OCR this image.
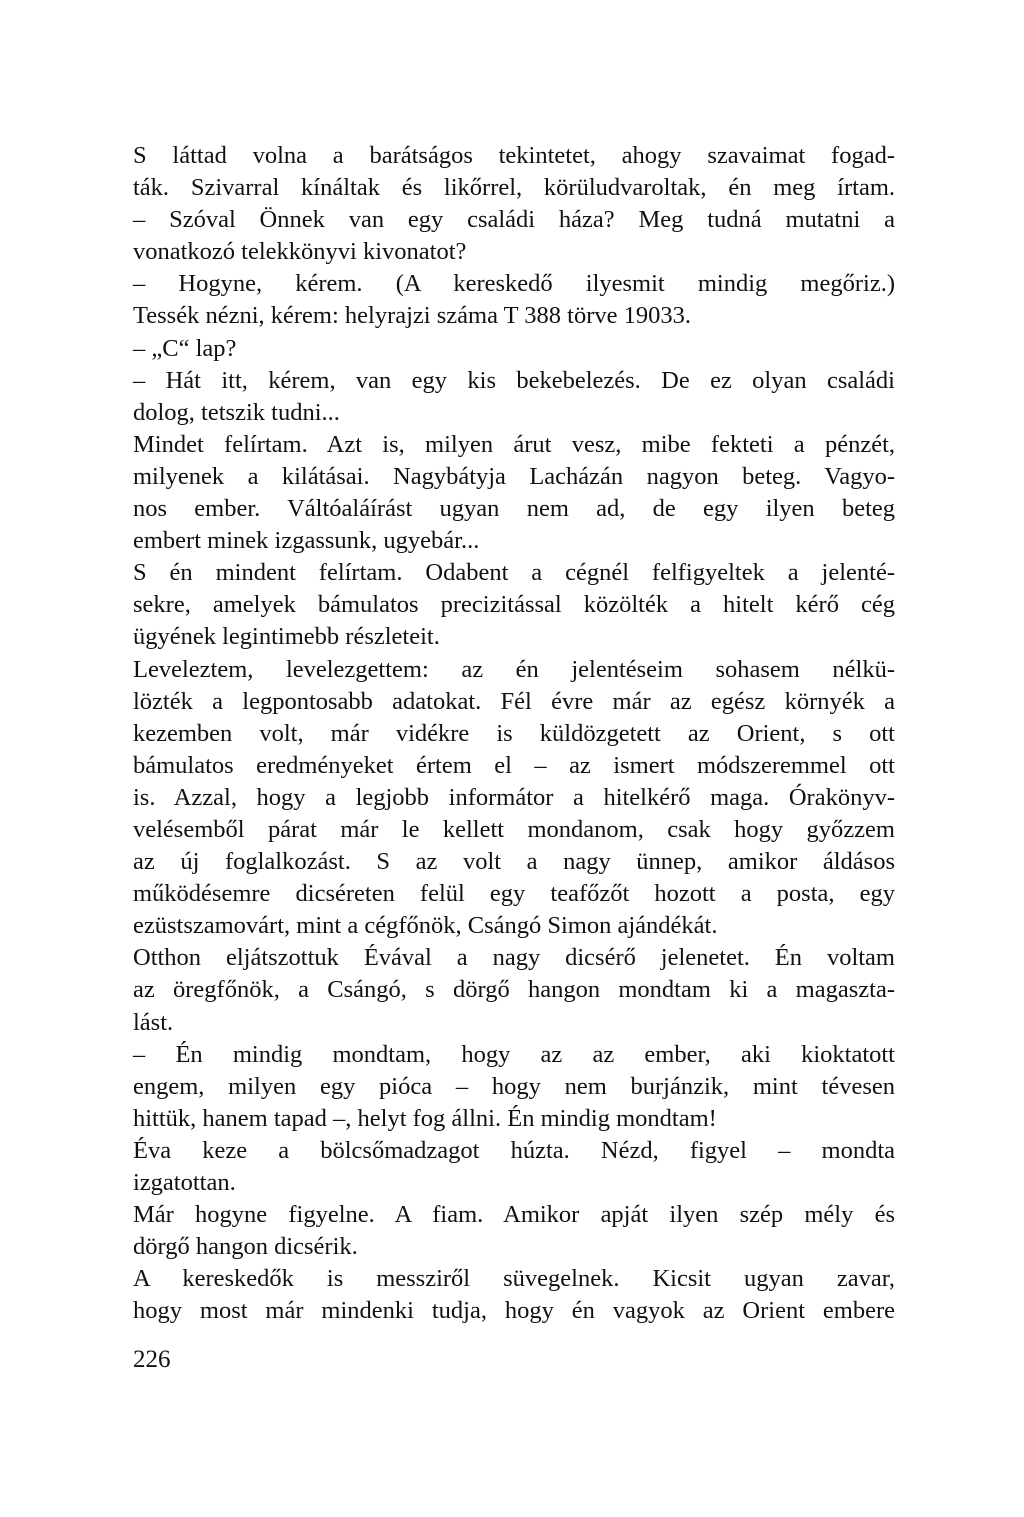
S láttad volna a barátságos tekintetet, ahogy szavaimat fogad-
ták. Szivarral kínáltak és likőrrel, körüludvaroltak, én meg írtam.
– Szóval Önnek van egy családi háza? Meg tudná mutatni a
vonatkozó telekkönyvi kivonatot?
– Hogyne, kérem. (A kereskedő ilyesmit mindig megőriz.)
Tessék nézni, kérem: helyrajzi száma T 388 törve 19033.
– „C“ lap?
– Hát itt, kérem, van egy kis bekebelezés. De ez olyan családi
dolog, tetszik tudni...
Mindet felírtam. Azt is, milyen árut vesz, mibe fekteti a pénzét,
milyenek a kilátásai. Nagybátyja Lacházán nagyon beteg. Vagyo-
nos ember. Váltóaláírást ugyan nem ad, de egy ilyen beteg
embert minek izgassunk, ugyebár...
S én mindent felírtam. Odabent a cégnél felfigyeltek a jelenté-
sekre, amelyek bámulatos precizitással közölték a hitelt kérő cég
ügyének legintimebb részleteit.
Leveleztem, levelezgettem: az én jelentéseim sohasem nélkü-
lözték a legpontosabb adatokat. Fél évre már az egész környék a
kezemben volt, már vidékre is küldözgetett az Orient, s ott
bámulatos eredményeket értem el – az ismert módszeremmel ott
is. Azzal, hogy a legjobb informátor a hitelkérő maga. Órakönyv-
velésemből párat már le kellett mondanom, csak hogy győzzem
az új foglalkozást. S az volt a nagy ünnep, amikor áldásos
működésemre dicséreten felül egy teafőzőt hozott a posta, egy
ezüstszamovárt, mint a cégfőnök, Csángó Simon ajándékát.
Otthon eljátszottuk Évával a nagy dicsérő jelenetet. Én voltam
az öregfőnök, a Csángó, s dörgő hangon mondtam ki a magaszta-
lást.
– Én mindig mondtam, hogy az az ember, aki kioktatott
engem, milyen egy pióca – hogy nem burjánzik, mint tévesen
hittük, hanem tapad –, helyt fog állni. Én mindig mondtam!
Éva keze a bölcsőmadzagot húzta. Nézd, figyel – mondta
izgatottan.
Már hogyne figyelne. A fiam. Amikor apját ilyen szép mély és
dörgő hangon dicsérik.
A kereskedők is messziről süvegelnek. Kicsit ugyan zavar,
hogy most már mindenki tudja, hogy én vagyok az Orient embere
226
